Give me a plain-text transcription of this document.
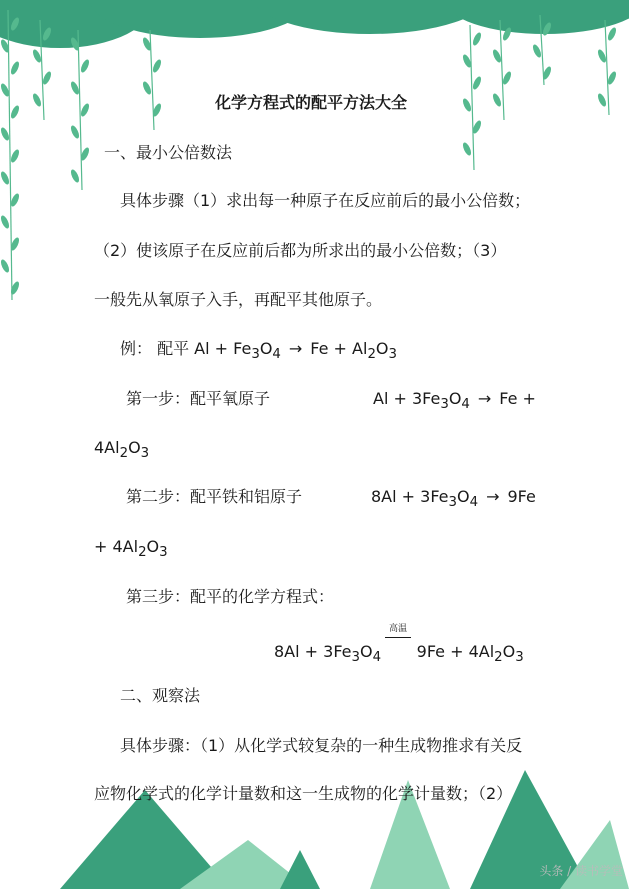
化学方程式的配平方法大全
一、最小公倍数法
具体步骤（1）求出每一种原子在反应前后的最小公倍数；
（2）使该原子在反应前后都为所求出的最小公倍数；（3）
一般先从氧原子入手，再配平其他原子。
例： 配平 $Al + Fe_3O_4 \to Fe + Al_2O_3$
第一步：配平氧原子	$Al + 3Fe_3O_4 \to Fe$ +
$4Al_2O_3$
第二步：配平铁和铝原子	$8Al + 3Fe_3O_4 \to 9Fe$
+ $4Al_2O_3$
第三步：配平的化学方程式：
$8Al + 3Fe_3O_4$       $9Fe + 4Al_2O_3$
高温
二、观察法
具体步骤：（1）从化学式较复杂的一种生成物推求有关反
应物化学式的化学计量数和这一生成物的化学计量数；（2）
头条 / 读书学堂
